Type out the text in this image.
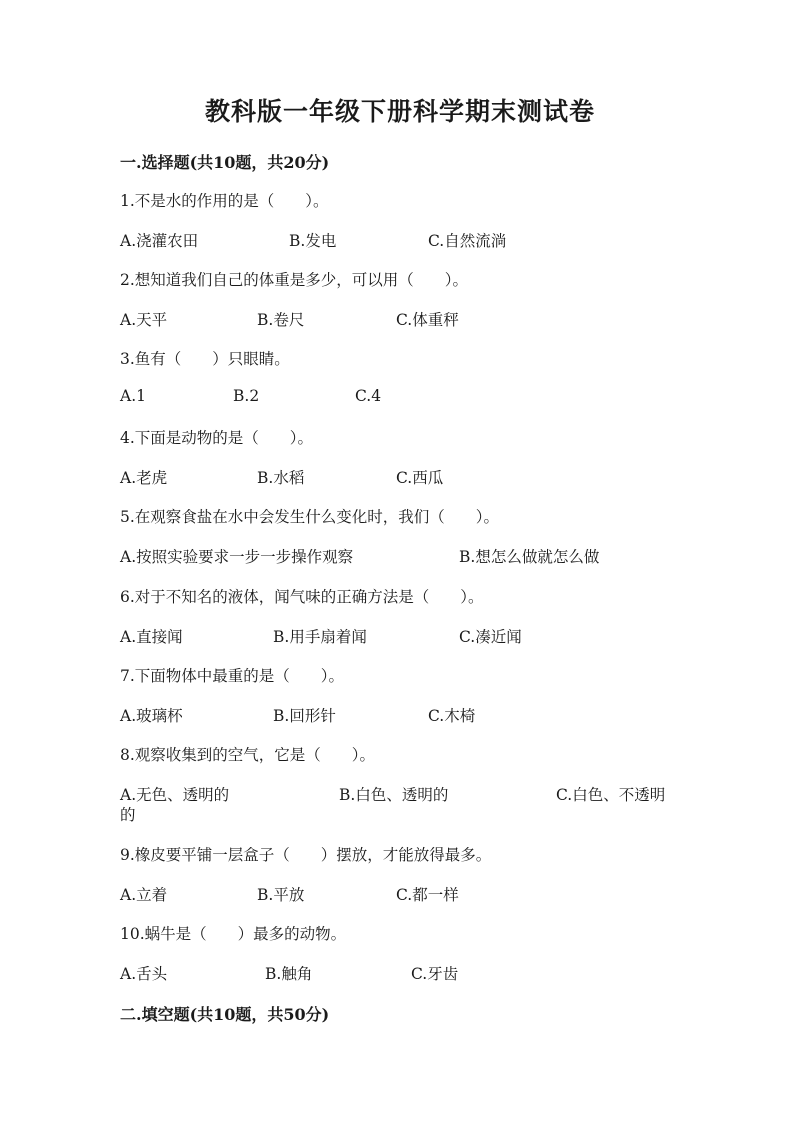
教科版一年级下册科学期末测试卷
一.选择题(共10题，共20分)
1.不是水的作用的是（　　）。
A.浇灌农田	B.发电	C.自然流淌
2.想知道我们自己的体重是多少，可以用（　　）。
A.天平	B.卷尺	C.体重秤
3.鱼有（　　）只眼睛。
A.1	B.2	C.4
4.下面是动物的是（　　）。
A.老虎	B.水稻	C.西瓜
5.在观察食盐在水中会发生什么变化时，我们（　　）。
A.按照实验要求一步一步操作观察	B.想怎么做就怎么做
6.对于不知名的液体，闻气味的正确方法是（　　）。
A.直接闻	B.用手扇着闻	C.凑近闻
7.下面物体中最重的是（　　）。
A.玻璃杯	B.回形针	C.木椅
8.观察收集到的空气，它是（　　）。
A.无色、透明的	B.白色、透明的	C.白色、不透明
的
9.橡皮要平铺一层盒子（　　）摆放，才能放得最多。
A.立着	B.平放	C.都一样
10.蜗牛是（　　）最多的动物。
A.舌头	B.触角	C.牙齿
二.填空题(共10题，共50分)
